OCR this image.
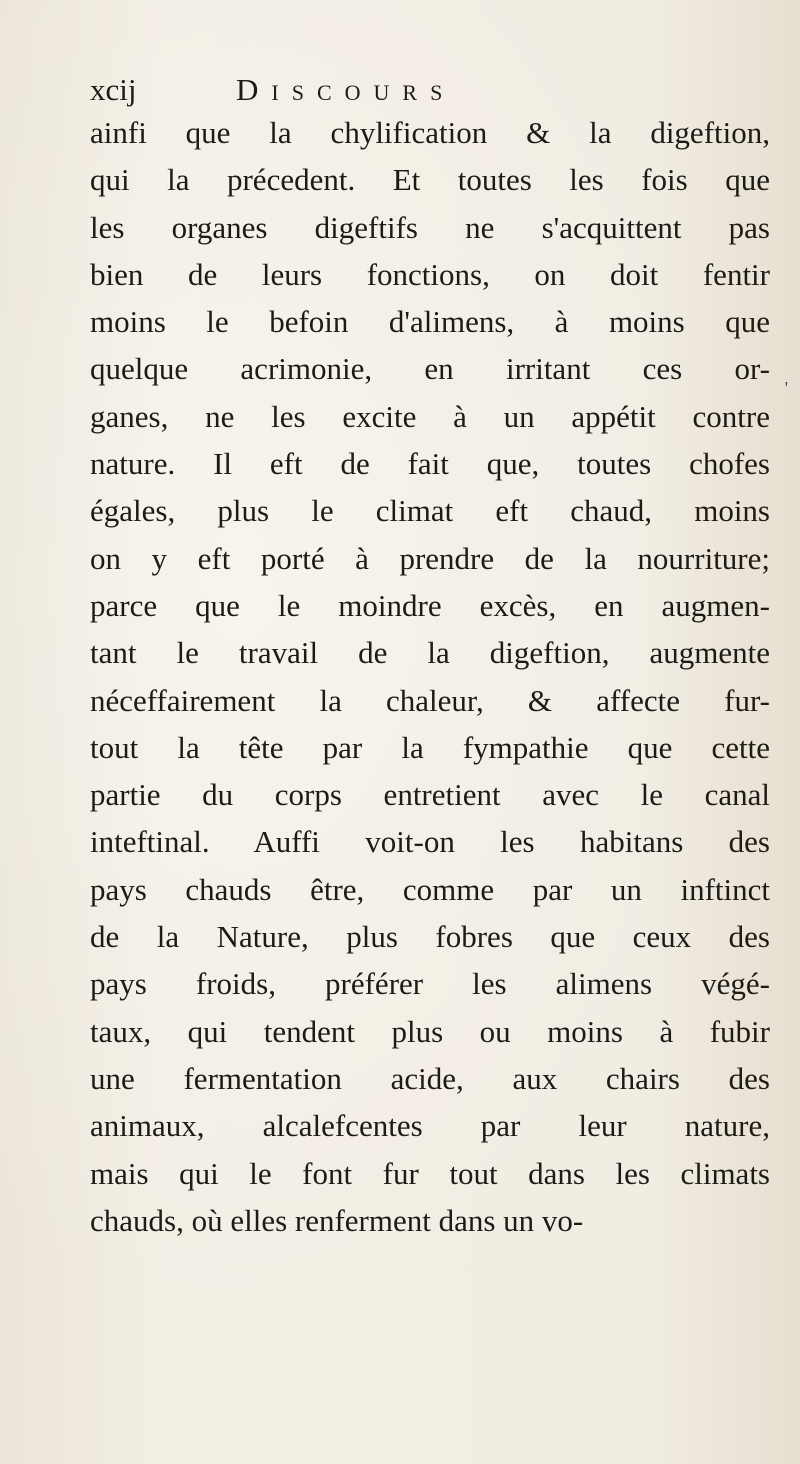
xcij	Discours
ainfi que la chylification & la digeftion,
qui la précedent. Et toutes les fois que
les organes digeftifs ne s'acquittent pas
bien de leurs fonctions, on doit fentir
moins le befoin d'alimens, à moins que
quelque acrimonie, en irritant ces or-
ganes, ne les excite à un appétit contre
nature. Il eft de fait que, toutes chofes
égales, plus le climat eft chaud, moins
on y eft porté à prendre de la nourriture;
parce que le moindre excès, en augmen-
tant le travail de la digeftion, augmente
néceffairement la chaleur, & affecte fur-
tout la tête par la fympathie que cette
partie du corps entretient avec le canal
inteftinal. Auffi voit-on les habitans des
pays chauds être, comme par un inftinct
de la Nature, plus fobres que ceux des
pays froids, préférer les alimens végé-
taux, qui tendent plus ou moins à fubir
une fermentation acide, aux chairs des
animaux, alcalefcentes par leur nature,
mais qui le font fur tout dans les climats
chauds, où elles renferment dans un vo-
'
